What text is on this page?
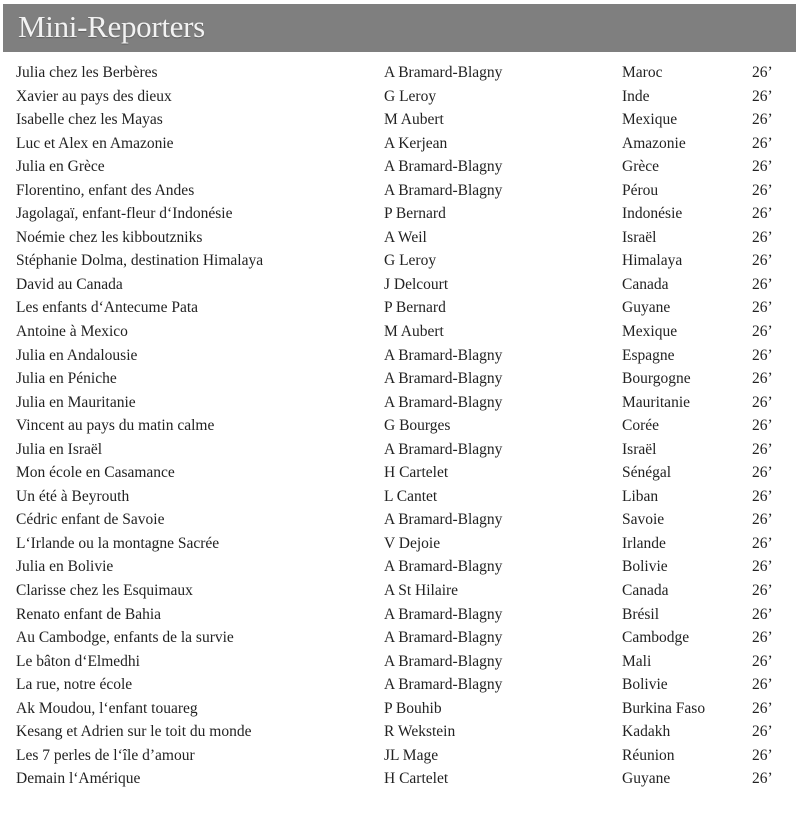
Mini-Reporters
Julia chez les Berbères	A Bramard-Blagny	Maroc	26’
Xavier au pays des dieux	G Leroy	Inde	26’
Isabelle chez les Mayas	M Aubert	Mexique	26’
Luc et Alex en Amazonie	A Kerjean	Amazonie	26’
Julia en Grèce	A Bramard-Blagny	Grèce	26’
Florentino, enfant des Andes	A Bramard-Blagny	Pérou	26’
Jagolagaï, enfant-fleur d‘Indonésie	P Bernard	Indonésie	26’
Noémie chez les kibboutzniks	A Weil	Israël	26’
Stéphanie Dolma, destination Himalaya	G Leroy	Himalaya	26’
David au Canada	J Delcourt	Canada	26’
Les enfants d‘Antecume Pata	P Bernard	Guyane	26’
Antoine à Mexico	M Aubert	Mexique	26’
Julia en Andalousie	A Bramard-Blagny	Espagne	26’
Julia en Péniche	A Bramard-Blagny	Bourgogne	26’
Julia en Mauritanie	A Bramard-Blagny	Mauritanie	26’
Vincent au pays du matin calme	G Bourges	Corée	26’
Julia en Israël	A Bramard-Blagny	Israël	26’
Mon école en Casamance	H Cartelet	Sénégal	26’
Un été à Beyrouth	L Cantet	Liban	26’
Cédric enfant de Savoie	A Bramard-Blagny	Savoie	26’
L‘Irlande ou la montagne Sacrée	V Dejoie	Irlande	26’
Julia en Bolivie	A Bramard-Blagny	Bolivie	26’
Clarisse chez les Esquimaux	A St Hilaire	Canada	26’
Renato enfant de Bahia	A Bramard-Blagny	Brésil	26’
Au Cambodge, enfants de la survie	A Bramard-Blagny	Cambodge	26’
Le bâton d‘Elmedhi	A Bramard-Blagny	Mali	26’
La rue, notre école	A Bramard-Blagny	Bolivie	26’
Ak Moudou, l‘enfant touareg	P Bouhib	Burkina Faso	26’
Kesang et Adrien sur le toit du monde	R Wekstein	Kadakh	26’
Les 7 perles de l‘île d’amour	JL Mage	Réunion	26’
Demain l‘Amérique	H Cartelet	Guyane	26’
